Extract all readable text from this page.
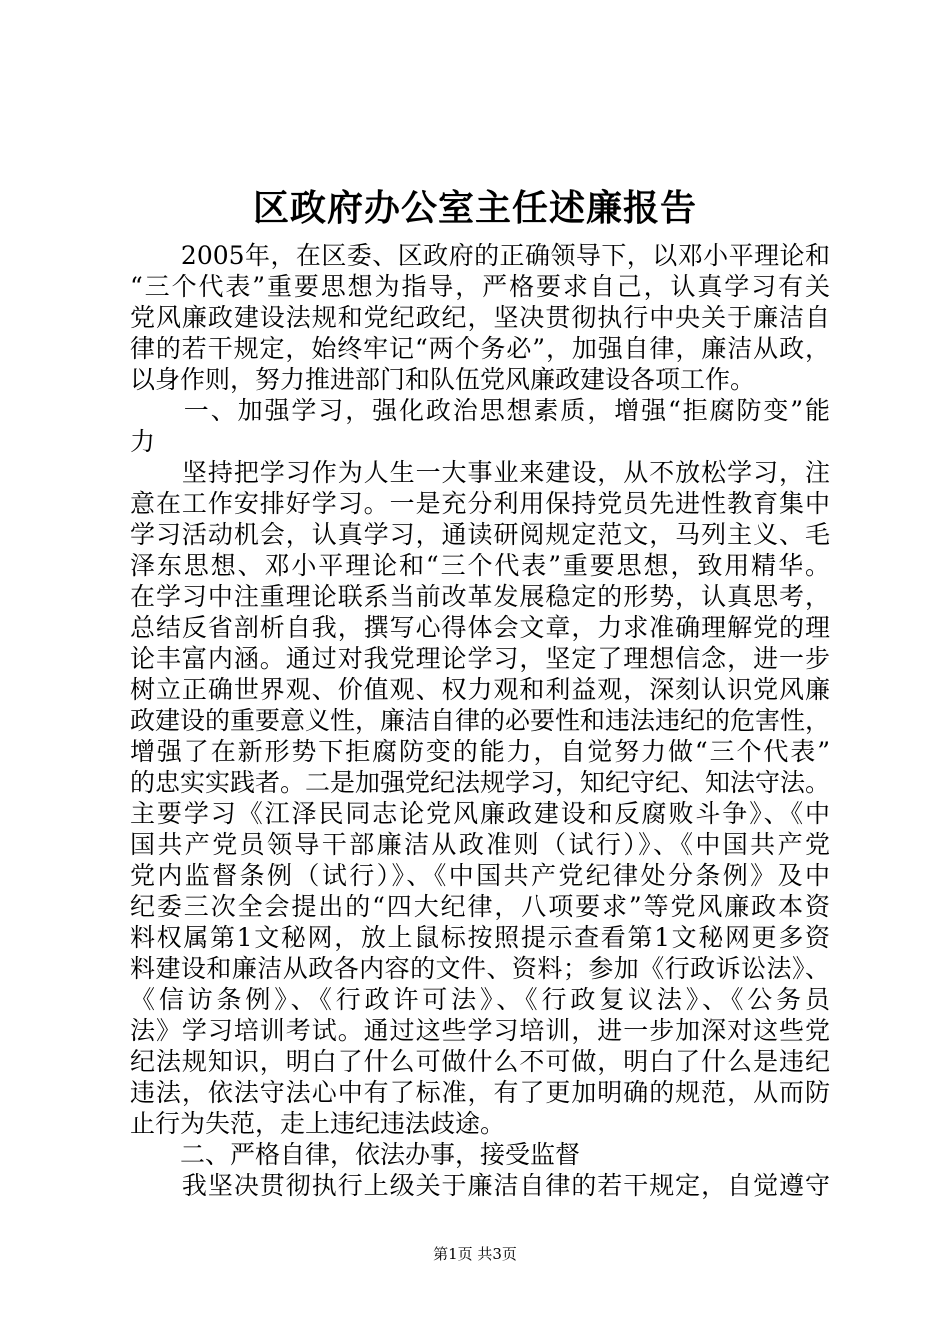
区政府办公室主任述廉报告
　　2005年，在区委、区政府的正确领导下，以邓小平理论和
“三个代表”重要思想为指导，严格要求自己，认真学习有关
党风廉政建设法规和党纪政纪，坚决贯彻执行中央关于廉洁自
律的若干规定，始终牢记“两个务必”，加强自律，廉洁从政，
以身作则，努力推进部门和队伍党风廉政建设各项工作。
　　一、加强学习，强化政治思想素质，增强“拒腐防变”能
力
　　坚持把学习作为人生一大事业来建设，从不放松学习，注
意在工作安排好学习。一是充分利用保持党员先进性教育集中
学习活动机会，认真学习，通读研阅规定范文，马列主义、毛
泽东思想、邓小平理论和“三个代表”重要思想，致用精华。
在学习中注重理论联系当前改革发展稳定的形势，认真思考，
总结反省剖析自我，撰写心得体会文章，力求准确理解党的理
论丰富内涵。通过对我党理论学习，坚定了理想信念，进一步
树立正确世界观、价值观、权力观和利益观，深刻认识党风廉
政建设的重要意义性，廉洁自律的必要性和违法违纪的危害性，
增强了在新形势下拒腐防变的能力，自觉努力做“三个代表”
的忠实实践者。二是加强党纪法规学习，知纪守纪、知法守法。
主要学习《江泽民同志论党风廉政建设和反腐败斗争》、《中
国共产党员领导干部廉洁从政准则（试行）》、《中国共产党
党内监督条例（试行）》、《中国共产党纪律处分条例》及中
纪委三次全会提出的“四大纪律，八项要求”等党风廉政本资
料权属第1文秘网，放上鼠标按照提示查看第1文秘网更多资
料建设和廉洁从政各内容的文件、资料；参加《行政诉讼法》、
《信访条例》、《行政许可法》、《行政复议法》、《公务员
法》学习培训考试。通过这些学习培训，进一步加深对这些党
纪法规知识，明白了什么可做什么不可做，明白了什么是违纪
违法，依法守法心中有了标准，有了更加明确的规范，从而防
止行为失范，走上违纪违法歧途。
　　二、严格自律，依法办事，接受监督
　　我坚决贯彻执行上级关于廉洁自律的若干规定，自觉遵守
第1页 共3页
